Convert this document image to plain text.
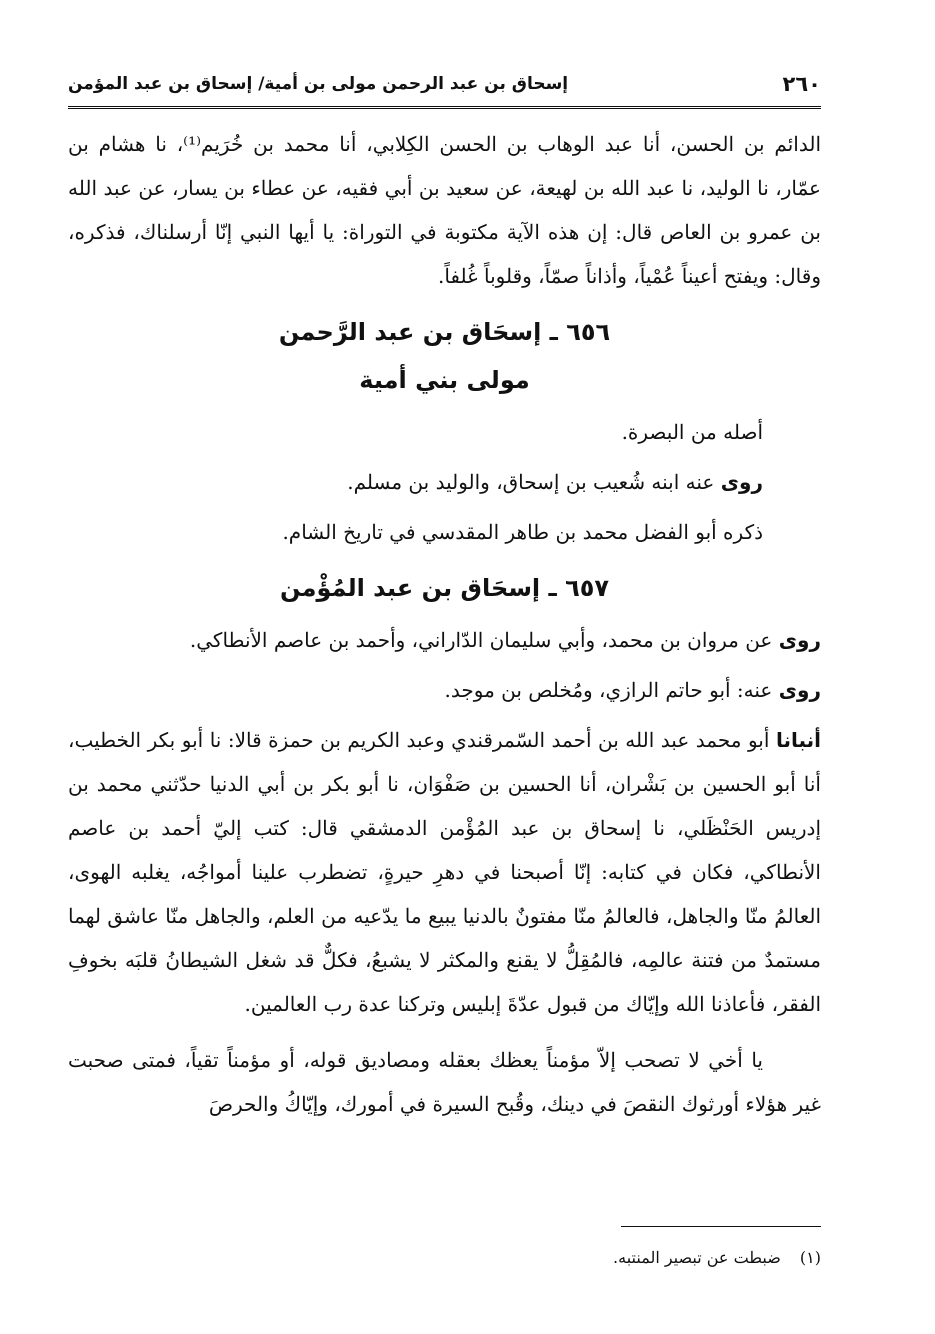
٢٦٠
إسحاق بن عبد الرحمن مولى بن أمية/ إسحاق بن عبد المؤمن

الدائم بن الحسن، أنا عبد الوهاب بن الحسن الكِلابي، أنا محمد بن خُرَيم⁽¹⁾، نا هشام بن عمّار، نا الوليد، نا عبد الله بن لهيعة، عن سعيد بن أبي فقيه، عن عطاء بن يسار، عن عبد الله بن عمرو بن العاص قال: إن هذه الآية مكتوبة في التوراة: يا أيها النبي إنّا أرسلناك، فذكره، وقال: ويفتح أعيناً عُمْياً، وأذاناً صمّاً، وقلوباً غُلفاً.

٦٥٦ ـ إسحَاق بن عبد الرَّحمن
مولى بني أمية

أصله من البصرة.

روى عنه ابنه شُعيب بن إسحاق، والوليد بن مسلم.

ذكره أبو الفضل محمد بن طاهر المقدسي في تاريخ الشام.

٦٥٧ ـ إسحَاق بن عبد المُؤْمن

روى عن مروان بن محمد، وأبي سليمان الدّاراني، وأحمد بن عاصم الأنطاكي.

روى عنه: أبو حاتم الرازي، ومُخلص بن موجد.

أنبانا أبو محمد عبد الله بن أحمد السّمرقندي وعبد الكريم بن حمزة قالا: نا أبو بكر الخطيب، أنا أبو الحسين بن بَشْران، أنا الحسين بن صَفْوَان، نا أبو بكر بن أبي الدنيا حدّثني محمد بن إدريس الحَنْظَلي، نا إسحاق بن عبد المُؤْمن الدمشقي قال: كتب إليّ أحمد بن عاصم الأنطاكي، فكان في كتابه: إنّا أصبحنا في دهرِ حيرةٍ، تضطرب علينا أمواجُه، يغلبه الهوى، العالمُ منّا والجاهل، فالعالمُ منّا مفتونٌ بالدنيا يبيع ما يدّعيه من العلم، والجاهل منّا عاشق لهما مستمدٌ من فتنة عالمِه، فالمُقِلُّ لا يقنع والمكثر لا يشبعُ، فكلٌّ قد شغل الشيطانُ قلبَه بخوفِ الفقر، فأعاذنا الله وإيّاك من قبول عدّةَ إبليس وتركنا عدة رب العالمين.

يا أخي لا تصحب إلاّ مؤمناً يعظك بعقله ومصاديق قوله، أو مؤمناً تقياً، فمتى صحبت غير هؤلاء أورثوك النقصَ في دينك، وقُبح السيرة في أمورك، وإيّاكُ والحرصَ

(١) ضبطت عن تبصير المنتبه.
